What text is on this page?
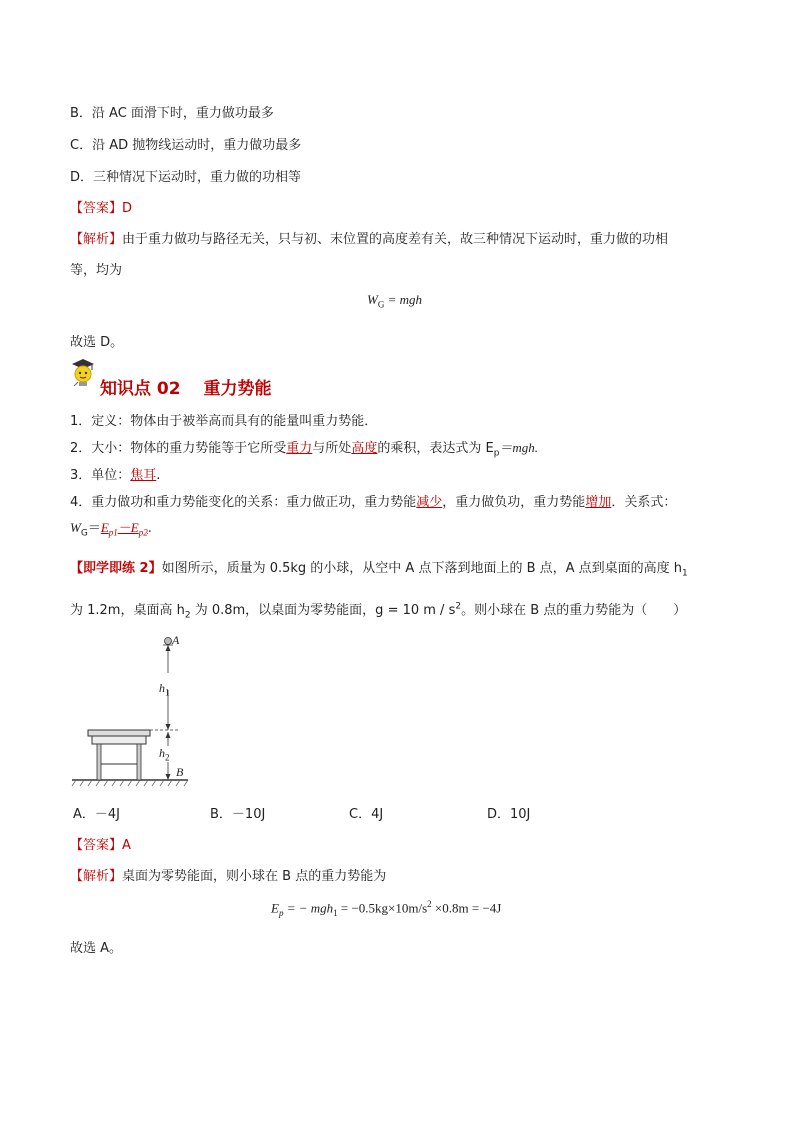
B．沿 AC 面滑下时，重力做功最多
C．沿 AD 抛物线运动时，重力做功最多
D．三种情况下运动时，重力做的功相等
【答案】D
【解析】由于重力做功与路径无关，只与初、末位置的高度差有关，故三种情况下运动时，重力做的功相
等，均为
$W_G$ = mgh
故选 D。
知识点 02　 重力势能
1．定义：物体由于被举高而具有的能量叫重力势能．
2．大小：物体的重力势能等于它所受重力与所处高度的乘积，表达式为 $E_p=mgh$.
3．单位：焦耳.
4．重力做功和重力势能变化的关系：重力做正功，重力势能减少，重力做负功，重力势能增加．关系式：
$W_G=E_{p1}-E_{p2}$.
【即学即练 2】如图所示，质量为 0.5kg 的小球，从空中 A 点下落到地面上的 B 点，A 点到桌面的高度 $h_1$
为 1.2m，桌面高 $h_2$ 为 0.8m，以桌面为零势能面，g = 10 m / $s^2$。则小球在 B 点的重力势能为（　　）
A
B
$h_1$
$h_2$
A．－4J	B．－10J	C．4J	D．10J
【答案】A
【解析】桌面为零势能面，则小球在 B 点的重力势能为
$E_p$ = − $mgh_1 = -0.5kg\times 10m/s^2 \times 0.8m = -4J$
故选 A。
